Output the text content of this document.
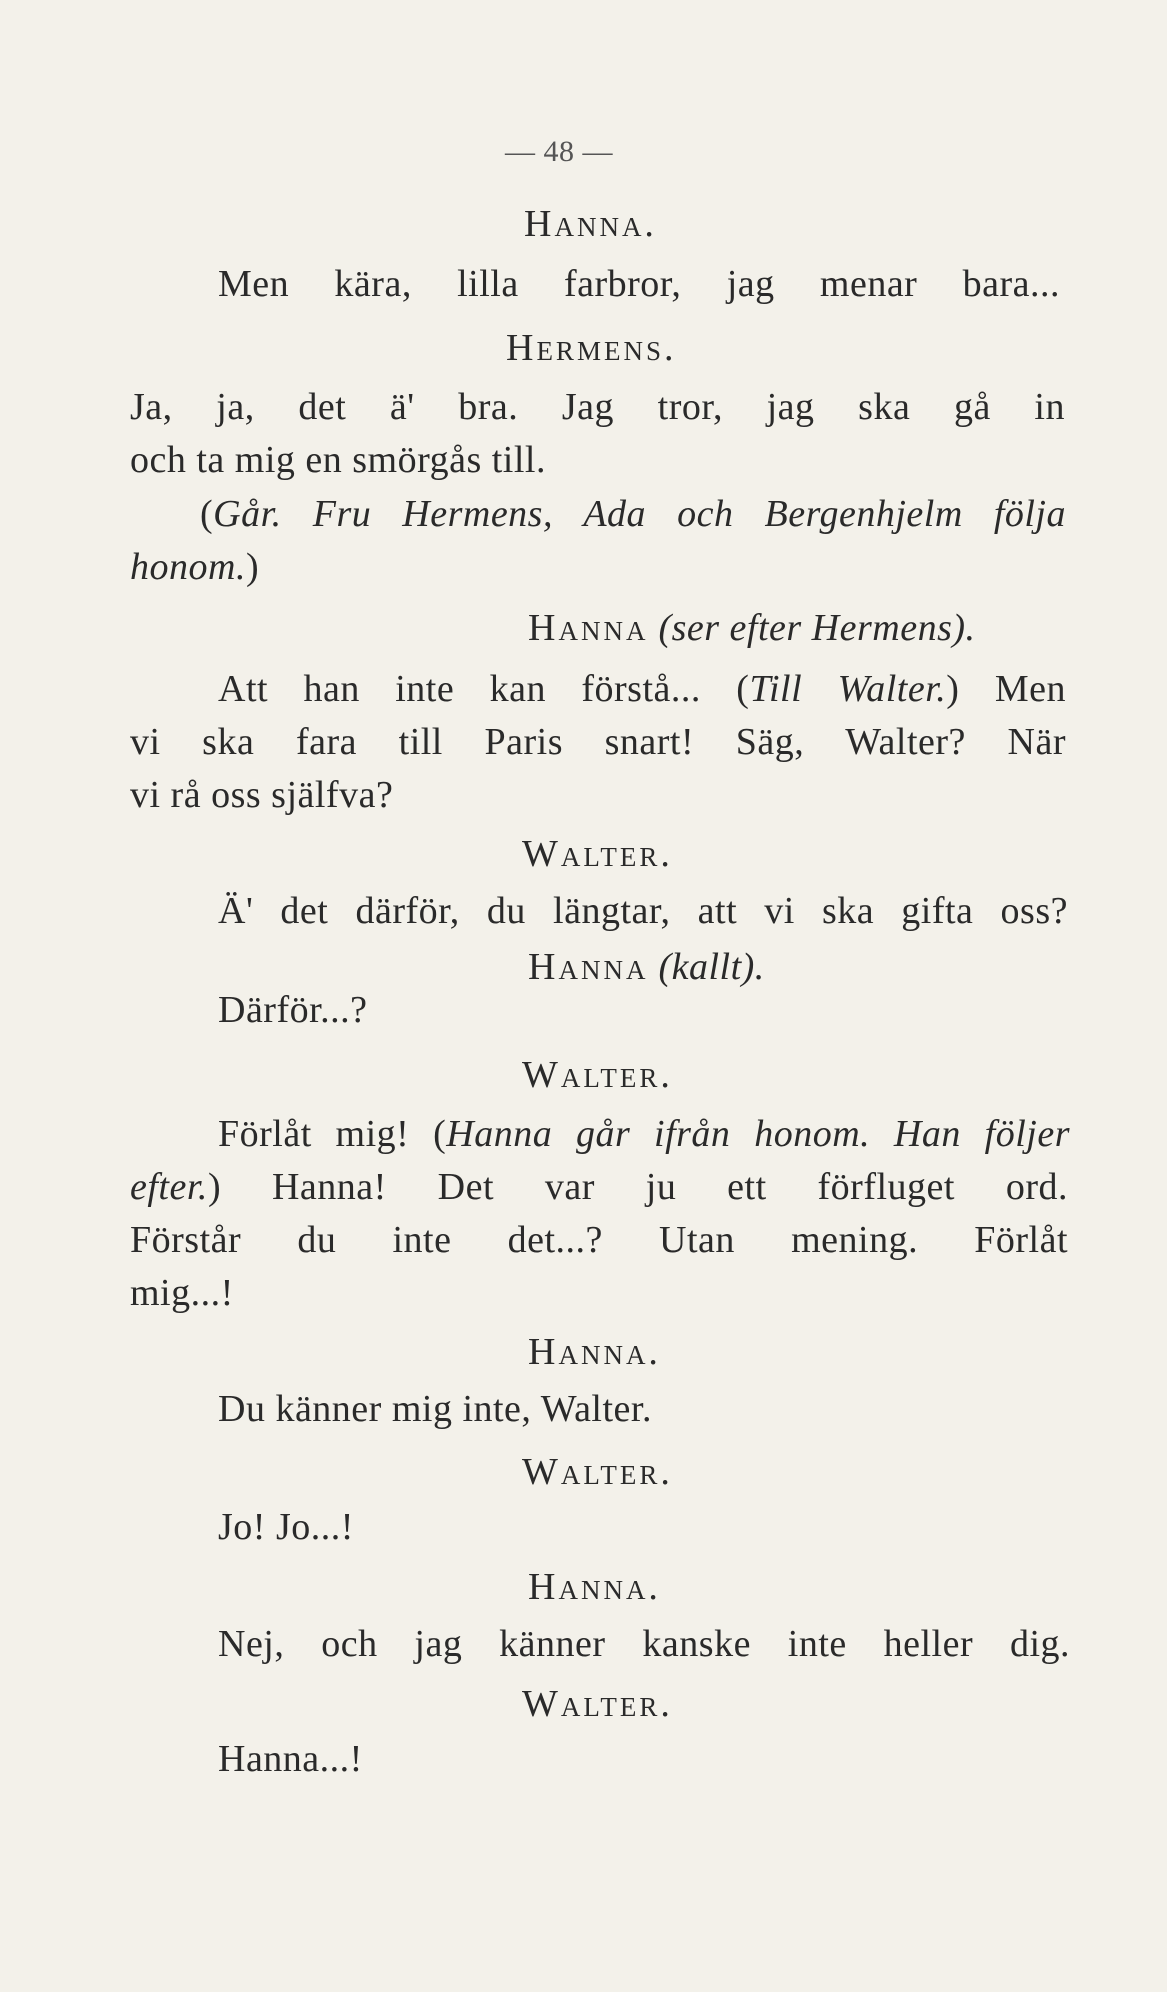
— 48 —
Hanna.
Men kära, lilla farbror, jag menar bara...
Hermens.
Ja, ja, det ä' bra. Jag tror, jag ska gå in
och ta mig en smörgås till.
(Går. Fru Hermens, Ada och Bergenhjelm följa
honom.)
Hanna (ser efter Hermens).
Att han inte kan förstå... (Till Walter.) Men
vi ska fara till Paris snart! Säg, Walter? När
vi rå oss själfva?
Walter.
Ä' det därför, du längtar, att vi ska gifta oss?
Hanna (kallt).
Därför...?
Walter.
Förlåt mig! (Hanna går ifrån honom. Han följer
efter.) Hanna! Det var ju ett förfluget ord.
Förstår du inte det...? Utan mening. Förlåt
mig...!
Hanna.
Du känner mig inte, Walter.
Walter.
Jo! Jo...!
Hanna.
Nej, och jag känner kanske inte heller dig.
Walter.
Hanna...!
